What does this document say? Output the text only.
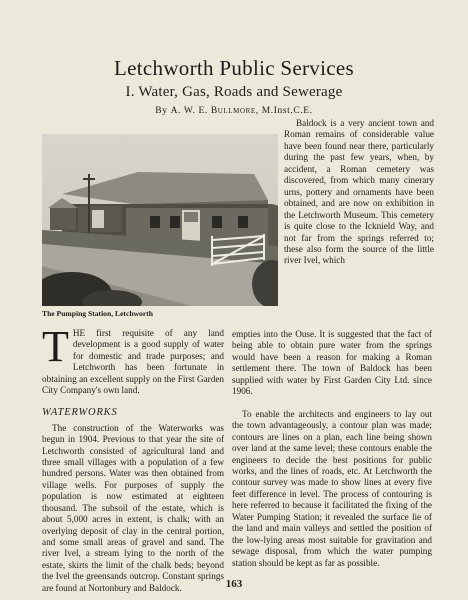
Letchworth Public Services
I. Water, Gas, Roads and Sewerage
By A. W. E. Bullmore, M.Inst.C.E.
The Pumping Station, Letchworth

Baldock is a very ancient town and Roman remains of considerable value have been found near there, particularly during the past few years, when, by accident, a Roman cemetery was discovered, from which many cinerary urns, pottery and ornaments have been obtained, and are now on exhibition in the Letchworth Museum. This cemetery is quite close to the Icknield Way, and not far from the springs referred to; these also form the source of the little river Ivel, which

THE first requisite of any land development is a good supply of water for domestic and trade purposes; and Letchworth has been fortunate in obtaining an excellent supply on the First Garden City Company's own land.

WATERWORKS

The construction of the Waterworks was begun in 1904. Previous to that year the site of Letchworth consisted of agricultural land and three small villages with a population of a few hundred persons. Water was then obtained from village wells. For purposes of supply the population is now estimated at eighteen thousand. The subsoil of the estate, which is about 5,000 acres in extent, is chalk; with an overlying deposit of clay in the central portion, and some small areas of gravel and sand. The river Ivel, a stream lying to the north of the estate, skirts the limit of the chalk beds; beyond the Ivel the greensands outcrop. Constant springs are found at Nortonbury and Baldock.

empties into the Ouse. It is suggested that the fact of being able to obtain pure water from the springs would have been a reason for making a Roman settlement there. The town of Baldock has been supplied with water by First Garden City Ltd. since 1906.

To enable the architects and engineers to lay out the town advantageously, a contour plan was made; contours are lines on a plan, each line being shown over land at the same level; these contours enable the engineers to decide the best positions for public works, and the lines of roads, etc. At Letchworth the contour survey was made to show lines at every five feet difference in level. The process of contouring is here referred to because it facilitated the fixing of the Water Pumping Station; it revealed the surface lie of the land and main valleys and settled the position of the low-lying areas most suitable for gravitation and sewage disposal, from which the water pumping station should be kept as far as possible.

163
